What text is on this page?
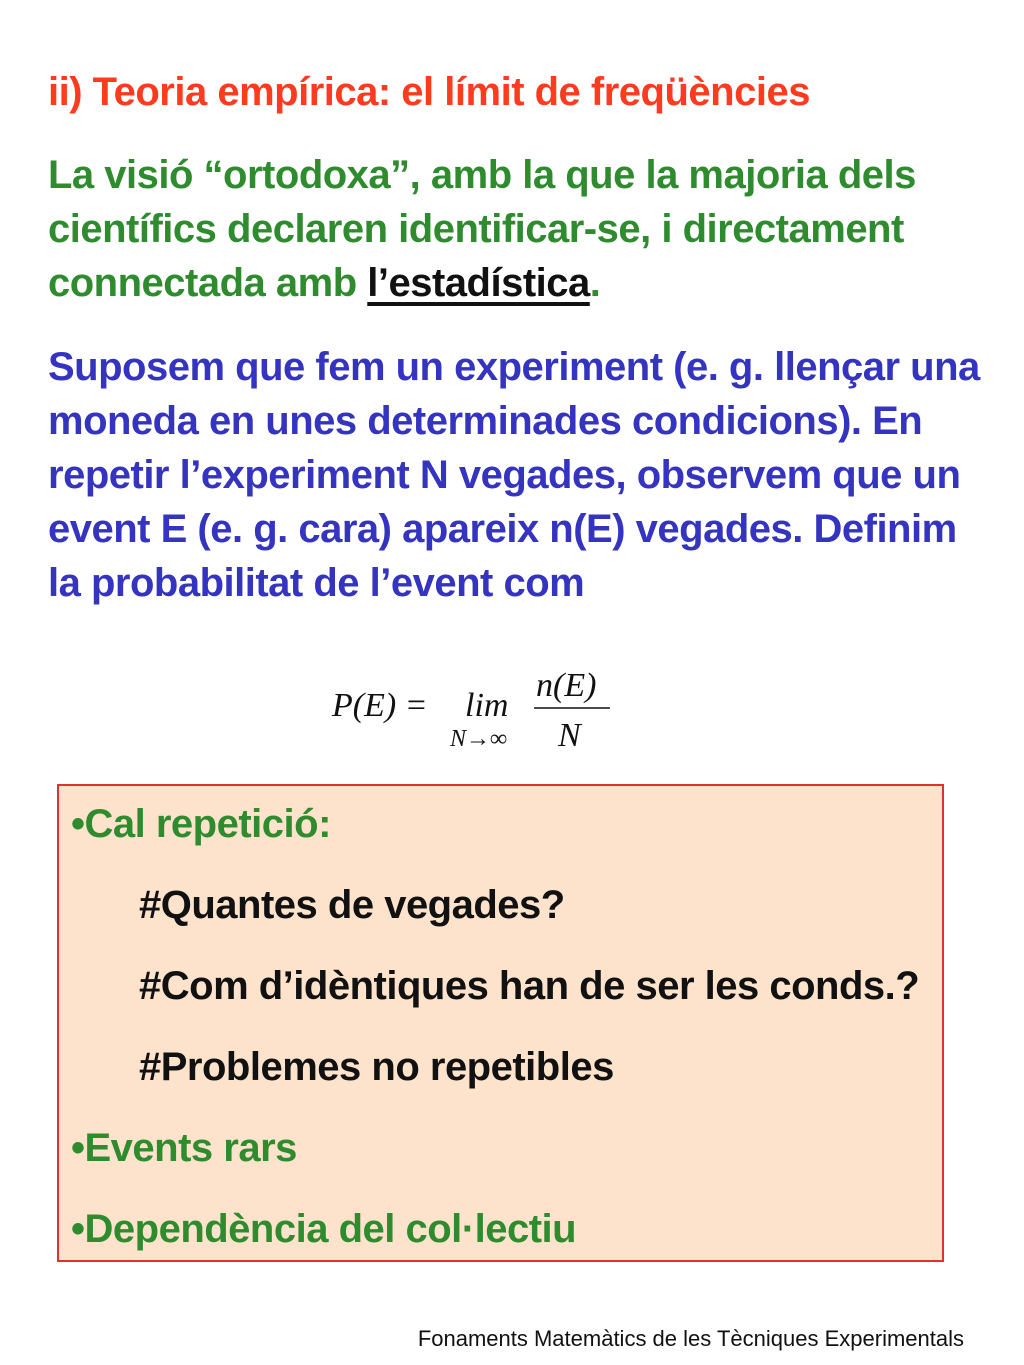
ii) Teoria empírica: el límit de freqüències

La visió “ortodoxa”, amb la que la majoria dels científics declaren identificar-se, i directament connectada amb l’estadística.

Suposem que fem un experiment (e. g. llençar una moneda en unes determinades condicions). En repetir l’experiment N vegades, observem que un event E (e. g. cara) apareix n(E) vegades. Definim la probabilitat de l’event com

P(E) = lim
N→∞
n(E)
N

•Cal repetició:

#Quantes de vegades?

#Com d’idèntiques han de ser les conds.?

#Problemes no repetibles

•Events rars

•Dependència del col·lectiu

Fonaments Matemàtics de les Tècniques Experimentals
